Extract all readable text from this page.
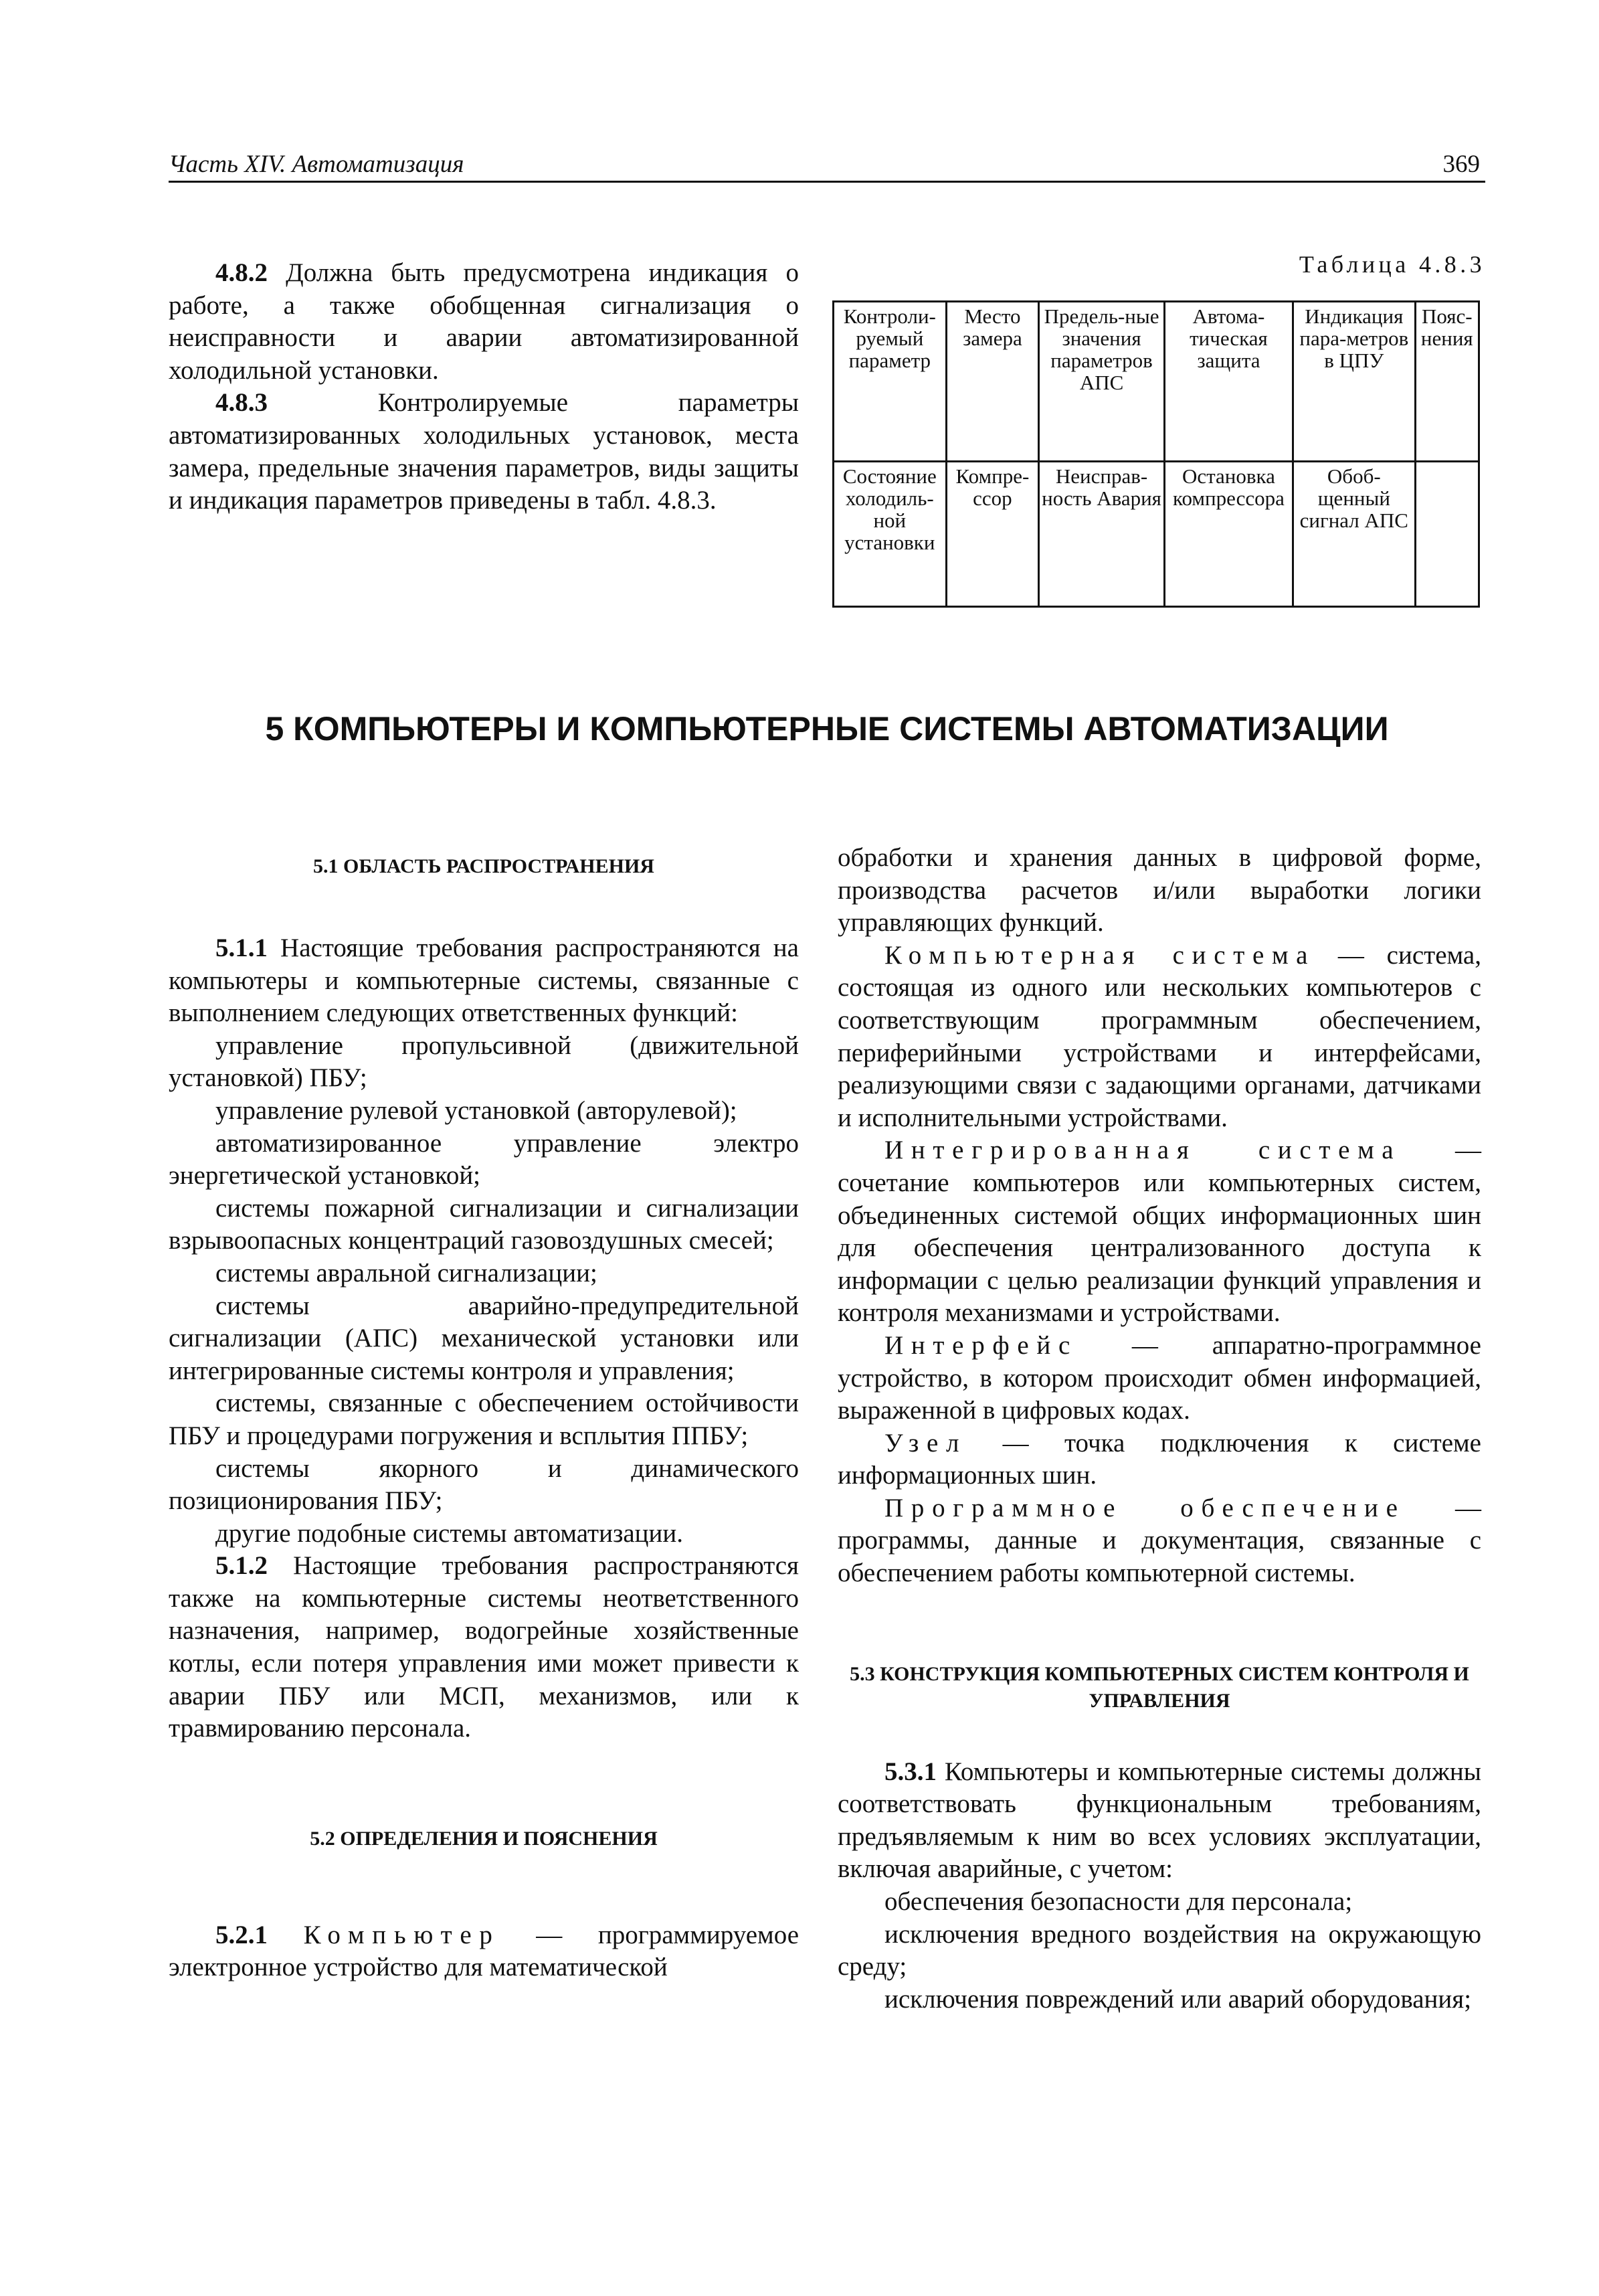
Часть XIV. Автоматизация	369

4.8.2 Должна быть предусмотрена индикация о работе, а также обобщенная сигнализация о неисправности и аварии автоматизированной холодильной установки.

4.8.3 Контролируемые параметры автоматизированных холодильных установок, места замера, предельные значения параметров, виды защиты и индикация параметров приведены в табл. 4.8.3.

Таблица 4.8.3
Контроли-руемый параметр	Место замера	Предель-ные значения параметров АПС	Автома-тическая защита	Индикация пара-метров в ЦПУ	Пояс-нения
Состояние холодиль-ной установки	Компре-ссор	Неисправ-ность Авария	Остановка компрессора	Обоб-щенный сигнал АПС	
5 КОМПЬЮТЕРЫ И КОМПЬЮТЕРНЫЕ СИСТЕМЫ АВТОМАТИЗАЦИИ

5.1 ОБЛАСТЬ РАСПРОСТРАНЕНИЯ

5.1.1 Настоящие требования распространяются на компьютеры и компьютерные системы, связанные с выполнением следующих ответственных функций:

управление пропульсивной (движительной установкой) ПБУ;

управление рулевой установкой (авторулевой);

автоматизированное управление электро энергетической установкой;

системы пожарной сигнализации и сигнализации взрывоопасных концентраций газовоздушных смесей;

системы авральной сигнализации;

системы аварийно-предупредительной сигнализации (АПС) механической установки или интегрированные системы контроля и управления;

системы, связанные с обеспечением остойчивости ПБУ и процедурами погружения и всплытия ППБУ;

системы якорного и динамического позиционирования ПБУ;

другие подобные системы автоматизации.

5.1.2 Настоящие требования распространяются также на компьютерные системы неответственного назначения, например, водогрейные хозяйственные котлы, если потеря управления ими может привести к аварии ПБУ или МСП, механизмов, или к травмированию персонала.

5.2 ОПРЕДЕЛЕНИЯ И ПОЯСНЕНИЯ

5.2.1 Компьютер — программируемое электронное устройство для математической

обработки и хранения данных в цифровой форме, производства расчетов и/или выработки логики управляющих функций.

Компьютерная система — система, состоящая из одного или нескольких компьютеров с соответствующим программным обеспечением, периферийными устройствами и интерфейсами, реализующими связи с задающими органами, датчиками и исполнительными устройствами.

Интегрированная система — сочетание компьютеров или компьютерных систем, объединенных системой общих информационных шин для обеспечения централизованного доступа к информации с целью реализации функций управления и контроля механизмами и устройствами.

Интерфейс — аппаратно-программное устройство, в котором происходит обмен информацией, выраженной в цифровых кодах.

Узел — точка подключения к системе информационных шин.

Программное обеспечение — программы, данные и документация, связанные с обеспечением работы компьютерной системы.

5.3 КОНСТРУКЦИЯ КОМПЬЮТЕРНЫХ СИСТЕМ КОНТРОЛЯ И УПРАВЛЕНИЯ

5.3.1 Компьютеры и компьютерные системы должны соответствовать функциональным требованиям, предъявляемым к ним во всех условиях эксплуатации, включая аварийные, с учетом:

обеспечения безопасности для персонала;

исключения вредного воздействия на окружающую среду;

исключения повреждений или аварий оборудования;
